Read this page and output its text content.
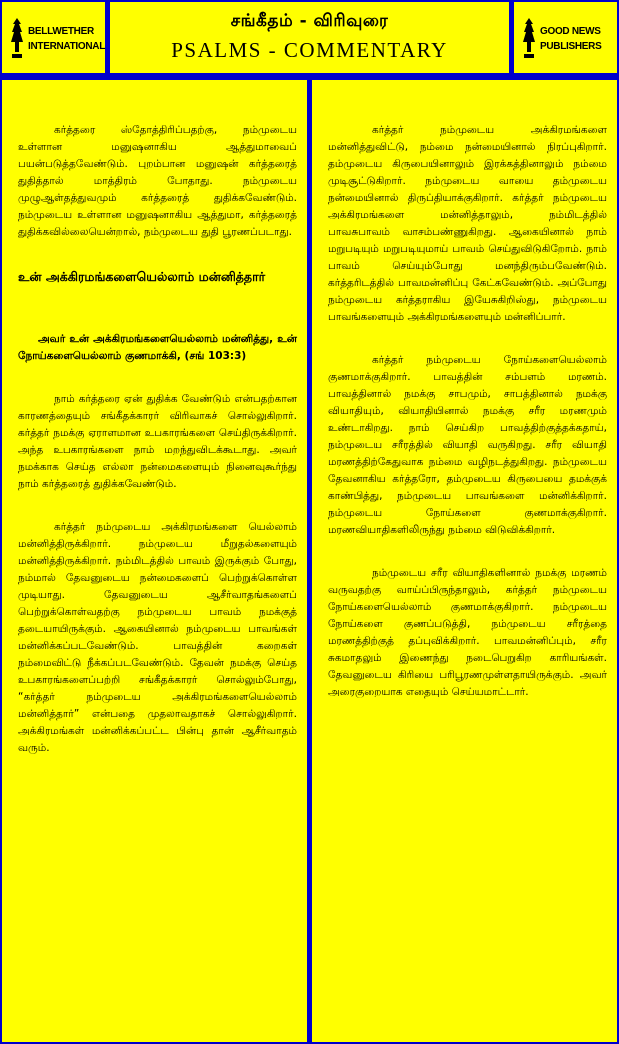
BELLWETHER
INTERNATIONAL
சங்கீதம் - விரிவுரை
PSALMS - COMMENTARY
GOOD NEWS
PUBLISHERS

கர்த்தரை ஸ்தோத்திரிப்பதற்கு, நம்முடைய உள்ளான மனுஷனாகிய ஆத்துமாவைப் பயன்படுத்தவேண்டும். புறம்பான மனுஷன் கர்த்தரைத் துதித்தால் மாத்திரம் போதாது. நம்முடைய முழுஆள்தத்துவமும் கர்த்தரைத் துதிக்கவேண்டும். நம்முடைய உள்ளான மனுஷனாகிய ஆத்துமா, கர்த்தரைத் துதிக்கவில்லையென்றால், நம்முடைய துதி பூரணப்படாது.

உன் அக்கிரமங்களையெல்லாம் மன்னித்தார்

அவர் உன் அக்கிரமங்களையெல்லாம் மன்னித்து, உன் நோய்களையெல்லாம் குணமாக்கி, (சங் 103:3)

நாம் கர்த்தரை ஏன் துதிக்க வேண்டும் என்பதற்கான காரணத்தையும் சங்கீதக்காரர் விரிவாகச் சொல்லுகிறார். கர்த்தர் நமக்கு ஏராளமான உபகாரங்களை செய்திருக்கிறார். அந்த உபகாரங்களை நாம் மறந்துவிடக்கூடாது. அவர் நமக்காக செய்த எல்லா நன்மைகளையும் நினைவுகூர்ந்து நாம் கர்த்தரைத் துதிக்கவேண்டும்.

கர்த்தர் நம்முடைய அக்கிரமங்களை யெல்லாம் மன்னித்திருக்கிறார். நம்முடைய மீறுதல்களையும் மன்னித்திருக்கிறார். நம்மிடத்தில் பாவம் இருக்கும் போது, நம்மால் தேவனுடைய நன்மைகளைப் பெற்றுக்கொள்ள முடியாது. தேவனுடைய ஆசீர்வாதங்களைப் பெற்றுக்கொள்வதற்கு நம்முடைய பாவம் நமக்குத் தடையாயிருக்கும். ஆகையினால் நம்முடைய பாவங்கள் மன்னிக்கப்படவேண்டும். பாவத்தின் கறைகள் நம்மைவிட்டு நீக்கப்படவேண்டும். தேவன் நமக்கு செய்த உபகாரங்களைப்பற்றி சங்கீதக்காரர் சொல்லும்போது, “கர்த்தர் நம்முடைய அக்கிரமங்களையெல்லாம் மன்னித்தார்” என்பதை முதலாவதாகச் சொல்லுகிறார். அக்கிரமங்கள் மன்னிக்கப்பட்ட பின்பு தான் ஆசீர்வாதம் வரும்.

கர்த்தர் நம்முடைய அக்கிரமங்களை மன்னித்துவிட்டு, நம்மை நன்மையினால் நிரப்புகிறார். தம்முடைய கிருபையினாலும் இரக்கத்தினாலும் நம்மை முடிசூட்டுகிறார். நம்முடைய வாயை தம்முடைய நன்மையினால் திருப்தியாக்குகிறார். கர்த்தர் நம்முடைய அக்கிரமங்களை மன்னித்தாலும், நம்மிடத்தில் பாவசுபாவம் வாசம்பண்ணுகிறது. ஆகையினால் நாம் மறுபடியும் மறுபடியுமாய் பாவம் செய்துவிடுகிறோம். நாம் பாவம் செய்யும்போது மனந்திரும்பவேண்டும். கர்த்தரிடத்தில் பாவமன்னிப்பு கேட்கவேண்டும். அப்போது நம்முடைய கர்த்தராகிய இயேசுகிறிஸ்து, நம்முடைய பாவங்களையும் அக்கிரமங்களையும் மன்னிப்பார்.

கர்த்தர் நம்முடைய நோய்களையெல்லாம் குணமாக்குகிறார். பாவத்தின் சம்பளம் மரணம். பாவத்தினால் நமக்கு சாபமும், சாபத்தினால் நமக்கு வியாதியும், வியாதியினால் நமக்கு சரீர மரணமும் உண்டாகிறது. நாம் செய்கிற பாவத்திற்குத்தக்கதாய், நம்முடைய சரீரத்தில் வியாதி வருகிறது. சரீர வியாதி மரணத்திற்கேதுவாக நம்மை வழிநடத்துகிறது. நம்முடைய தேவனாகிய கர்த்தரோ, தம்முடைய கிருபையை தமக்குக் காண்பித்து, நம்முடைய பாவங்களை மன்னிக்கிறார். நம்முடைய நோய்களை குணமாக்குகிறார். மரணவியாதிகளிலிருந்து நம்மை விடுவிக்கிறார்.

நம்முடைய சரீர வியாதிகளினால் நமக்கு மரணம் வருவதற்கு வாய்ப்பிருந்தாலும், கர்த்தர் நம்முடைய நோய்களையெல்லாம் குணமாக்குகிறார். நம்முடைய நோய்களை குணப்படுத்தி, நம்முடைய சரீரத்தை மரணத்திற்குத் தப்புவிக்கிறார். பாவமன்னிப்பும், சரீர சுகமாதலும் இணைந்து நடைபெறுகிற காரியங்கள். தேவனுடைய கிரியை பரிபூரணமுள்ளதாயிருக்கும். அவர் அரைகுறையாக எதையும் செய்யமாட்டார்.
